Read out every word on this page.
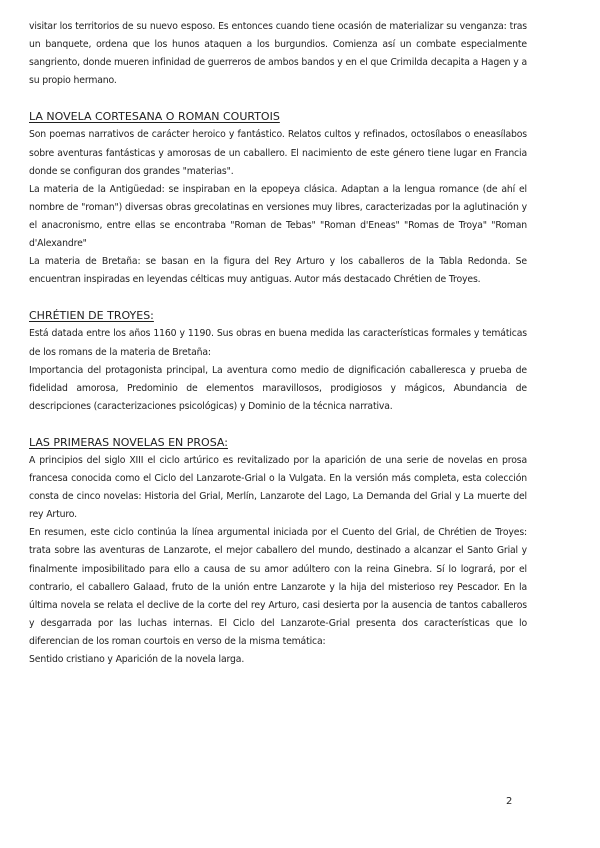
visitar los territorios de su nuevo esposo. Es entonces cuando tiene ocasión de materializar su venganza: tras un banquete, ordena que los hunos ataquen a los burgundios. Comienza así un combate especialmente sangriento, donde mueren infinidad de guerreros de ambos bandos y en el que Crimilda decapita a Hagen y a su propio hermano.

LA NOVELA CORTESANA O ROMAN COURTOIS

Son poemas narrativos de carácter heroico y fantástico. Relatos cultos y refinados, octosílabos o eneasílabos sobre aventuras fantásticas y amorosas de un caballero. El nacimiento de este género tiene lugar en Francia donde se configuran dos grandes "materias".

La materia de la Antigüedad: se inspiraban en la epopeya clásica. Adaptan a la lengua romance (de ahí el nombre de "roman") diversas obras grecolatinas en versiones muy libres, caracterizadas por la aglutinación y el anacronismo, entre ellas se encontraba "Roman de Tebas" "Roman d'Eneas" "Romas de Troya" "Roman d'Alexandre"

La materia de Bretaña: se basan en la figura del Rey Arturo y los caballeros de la Tabla Redonda. Se encuentran inspiradas en leyendas célticas muy antiguas. Autor más destacado Chrétien de Troyes.

CHRÉTIEN DE TROYES:

Está datada entre los años 1160 y 1190. Sus obras en buena medida las características formales y temáticas de los romans de la materia de Bretaña:

Importancia del protagonista principal, La aventura como medio de dignificación caballeresca y prueba de fidelidad amorosa, Predominio de elementos maravillosos, prodigiosos y mágicos, Abundancia de descripciones (caracterizaciones psicológicas) y Dominio de la técnica narrativa.

LAS PRIMERAS NOVELAS EN PROSA:

A principios del siglo XIII el ciclo artúrico es revitalizado por la aparición de una serie de novelas en prosa francesa conocida como el Ciclo del Lanzarote-Grial o la Vulgata. En la versión más completa, esta colección consta de cinco novelas: Historia del Grial, Merlín, Lanzarote del Lago, La Demanda del Grial y La muerte del rey Arturo.

En resumen, este ciclo continúa la línea argumental iniciada por el Cuento del Grial, de Chrétien de Troyes: trata sobre las aventuras de Lanzarote, el mejor caballero del mundo, destinado a alcanzar el Santo Grial y finalmente imposibilitado para ello a causa de su amor adúltero con la reina Ginebra. Sí lo logrará, por el contrario, el caballero Galaad, fruto de la unión entre Lanzarote y la hija del misterioso rey Pescador. En la última novela se relata el declive de la corte del rey Arturo, casi desierta por la ausencia de tantos caballeros y desgarrada por las luchas internas. El Ciclo del Lanzarote-Grial presenta dos características que lo diferencian de los roman courtois en verso de la misma temática:

Sentido cristiano y Aparición de la novela larga.

2
